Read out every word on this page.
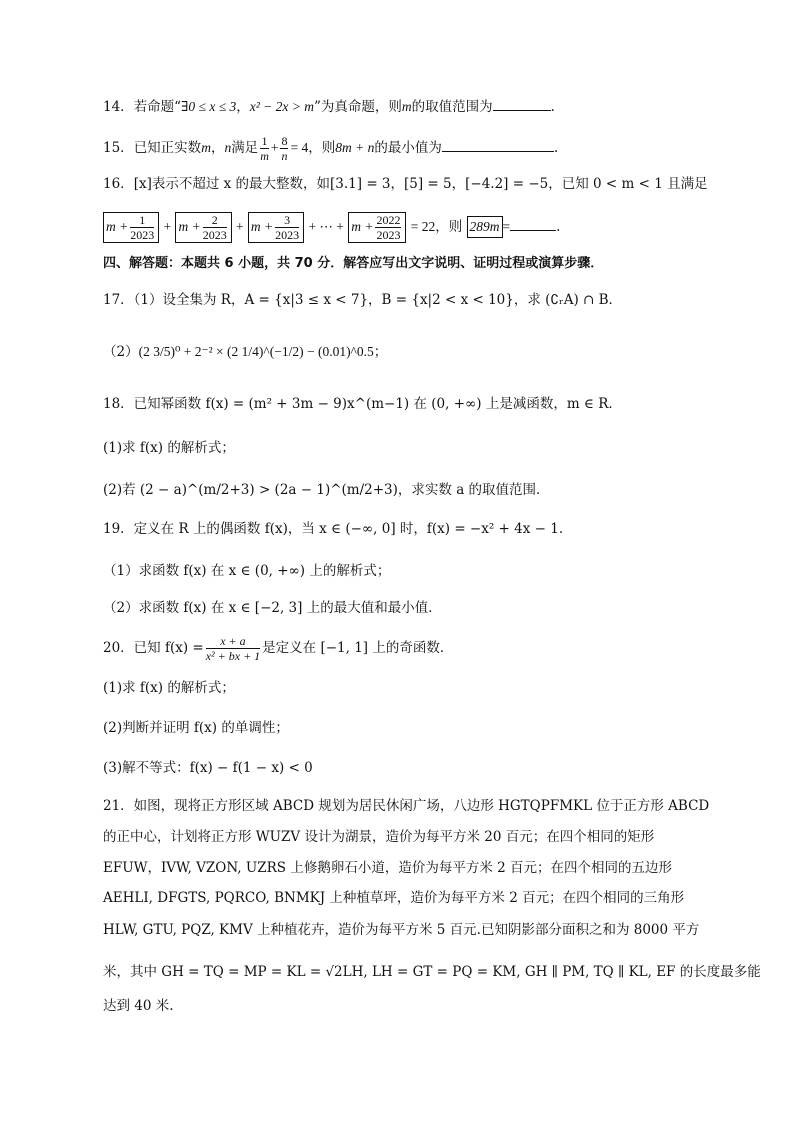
14．若命题“∃0 ≤ x ≤ 3，x² − 2x > m”为真命题，则m的取值范围为	.
15．已知正实数m，n满足 $\frac{1}{m} + \frac{8}{n} = 4$，则8m + n的最小值为	.
16．[x]表示不超过 x 的最大整数，如[3.1] = 3，[5] = 5，[−4.2] = −5，已知 0 < m < 1 且满足
$m + \frac{1}{2023} + m + \frac{2}{2023} + m + \frac{3}{2023}$ + ⋯ + $m + \frac{2022}{2023} = 22$，则 289m =	.
四、解答题：本题共 6 小题，共 70 分．解答应写出文字说明、证明过程或演算步骤．
17．（1）设全集为 R，A = {x|3 ≤ x < 7}，B = {x|2 < x < 10}，求 (∁ᵣA) ∩ B．
（2）(2 3/5)⁰ + 2⁻² × (2 1/4)^(−1/2) − (0.01)^0.5；
18．已知幂函数 f(x) = (m² + 3m − 9)x^(m−1) 在 (0, +∞) 上是减函数，m ∈ R．
(1)求 f(x) 的解析式；
(2)若 (2 − a)^(m/2+3) > (2a − 1)^(m/2+3)，求实数 a 的取值范围．
19．定义在 R 上的偶函数 f(x)，当 x ∈ (−∞, 0] 时，f(x) = −x² + 4x − 1．
（1）求函数 f(x) 在 x ∈ (0, +∞) 上的解析式；
（2）求函数 f(x) 在 x ∈ [−2, 3] 上的最大值和最小值．
20．已知 $f(x) = \frac{x + a}{\text{x² + bx + 1}}$ 是定义在 [−1, 1] 上的奇函数．
(1)求 f(x) 的解析式；
(2)判断并证明 f(x) 的单调性；
(3)解不等式：f(x) − f(1 − x) < 0
21．如图，现将正方形区域 ABCD 规划为居民休闲广场，八边形 HGTQPFMKL 位于正方形 ABCD
的正中心，计划将正方形 WUZV 设计为湖景，造价为每平方米 20 百元；在四个相同的矩形
EFUW，IVW, VZON, UZRS 上修鹅卵石小道，造价为每平方米 2 百元；在四个相同的五边形
AEHLI, DFGTS, PQRCO, BNMKJ 上种植草坪，造价为每平方米 2 百元；在四个相同的三角形
HLW, GTU, PQZ, KMV 上种植花卉，造价为每平方米 5 百元.已知阴影部分面积之和为 8000 平方
米，其中 GH = TQ = MP = KL = √2LH, LH = GT = PQ = KM, GH ∥ PM, TQ ∥ KL, EF 的长度最多能
达到 40 米.
